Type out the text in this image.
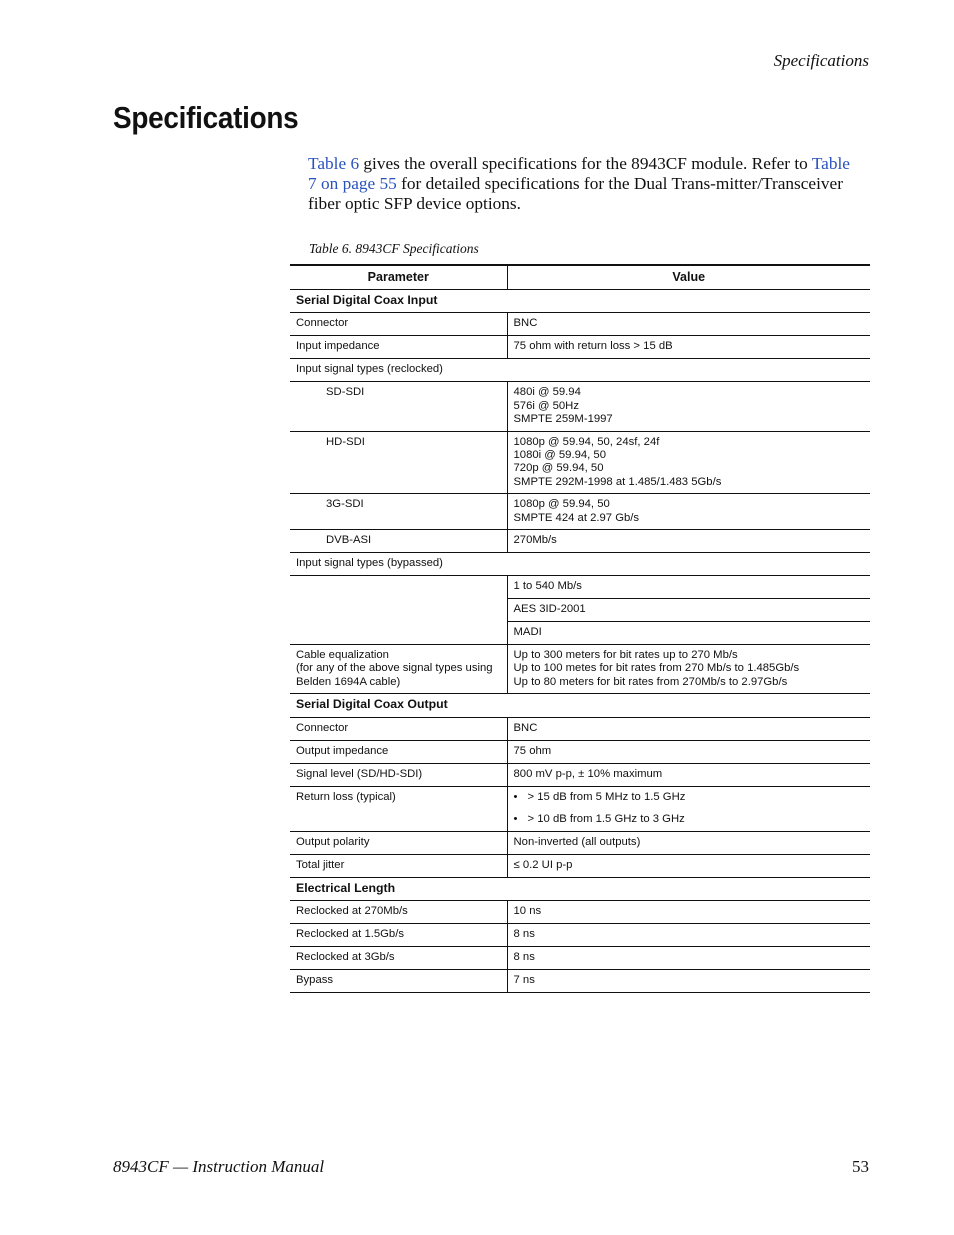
Specifications
Specifications

Table 6 gives the overall specifications for the 8943CF module. Refer to Table 7 on page 55 for detailed specifications for the Dual Trans-mitter/Transceiver fiber optic SFP device options.

Table 6. 8943CF Specifications
Parameter	Value
Serial Digital Coax Input	
Connector	BNC
Input impedance	75 ohm with return loss > 15 dB
Input signal types (reclocked)	
SD-SDI	480i @ 59.94
576i @ 50Hz
SMPTE 259M-1997

HD-SDI	1080p @ 59.94, 50, 24sf, 24f
1080i @ 59.94, 50
720p @ 59.94, 50
SMPTE 292M-1998 at 1.485/1.483 5Gb/s

3G-SDI	1080p @ 59.94, 50
SMPTE 424 at 2.97 Gb/s

DVB-ASI	270Mb/s
Input signal types (bypassed)	
	1 to 540 Mb/s
	AES 3ID-2001
	MADI

Cable equalization
(for any of the above signal types using
Belden 1694A cable)	Up to 300 meters for bit rates up to 270 Mb/s
Up to 100 metes for bit rates from 270 Mb/s to 1.485Gb/s
Up to 80 meters for bit rates from 270Mb/s to 2.97Gb/s

Serial Digital Coax Output	
Connector	BNC
Output impedance	75 ohm
Signal level (SD/HD-SDI)	800 mV p-p, ± 10% maximum
Return loss (typical)	• > 15 dB from 5 MHz to 1.5 GHz
• > 10 dB from 1.5 GHz to 3 GHz

Output polarity	Non-inverted (all outputs)
Total jitter	≤ 0.2 UI p-p
Electrical Length	
Reclocked at 270Mb/s	10 ns
Reclocked at 1.5Gb/s	8 ns
Reclocked at 3Gb/s	8 ns
Bypass	7 ns
8943CF — Instruction Manual	53
